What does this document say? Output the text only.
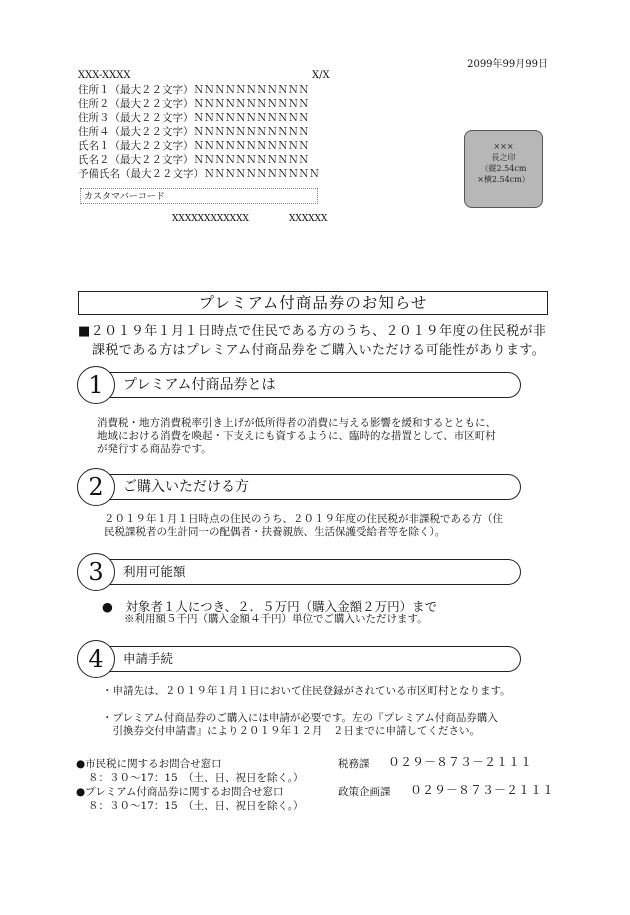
2099年99月99日
XXX-XXXX	X/X
住所１（最大２２文字）ＮＮＮＮＮＮＮＮＮＮＮ
住所２（最大２２文字）ＮＮＮＮＮＮＮＮＮＮＮ
住所３（最大２２文字）ＮＮＮＮＮＮＮＮＮＮＮ
住所４（最大２２文字）ＮＮＮＮＮＮＮＮＮＮＮ
氏名１（最大２２文字）ＮＮＮＮＮＮＮＮＮＮＮ
氏名２（最大２２文字）ＮＮＮＮＮＮＮＮＮＮＮ
予備氏名（最大２２文字）ＮＮＮＮＮＮＮＮＮＮＮ
×××
長之印
（縦2.54cm
×横2.54cm）
カスタマバーコード
XXXXXXXXXXXX	XXXXXX
プレミアム付商品券のお知らせ
■２０１９年１月１日時点で住民である方のうち、２０１９年度の住民税が非
課税である方はプレミアム付商品券をご購入いただける可能性があります。
1	プレミアム付商品券とは
消費税・地方消費税率引き上げが低所得者の消費に与える影響を緩和するとともに、
地域における消費を喚起・下支えにも資するように、臨時的な措置として、市区町村
が発行する商品券です。
2	ご購入いただける方
２０１９年１月１日時点の住民のうち、２０１９年度の住民税が非課税である方（住
民税課税者の生計同一の配偶者・扶養親族、生活保護受給者等を除く）。
3	利用可能額
●　対象者１人につき、２．５万円（購入金額２万円）まで
※利用額５千円（購入金額４千円）単位でご購入いただけます。
4	申請手続
・申請先は、２０１９年１月１日において住民登録がされている市区町村となります。
・プレミアム付商品券のご購入には申請が必要です。左の『プレミアム付商品券購入
　引換券交付申請書』により２０１９年１２月　２日までに申請してください。
●市民税に関するお問合せ窓口
８：３０〜17：15　（土、日、祝日を除く。）
税務課 ０２９－８７３－２１１１
●プレミアム付商品券に関するお問合せ窓口
８：３０〜17：15　（土、日、祝日を除く。）
政策企画課 ０２９－８７３－２１１１
